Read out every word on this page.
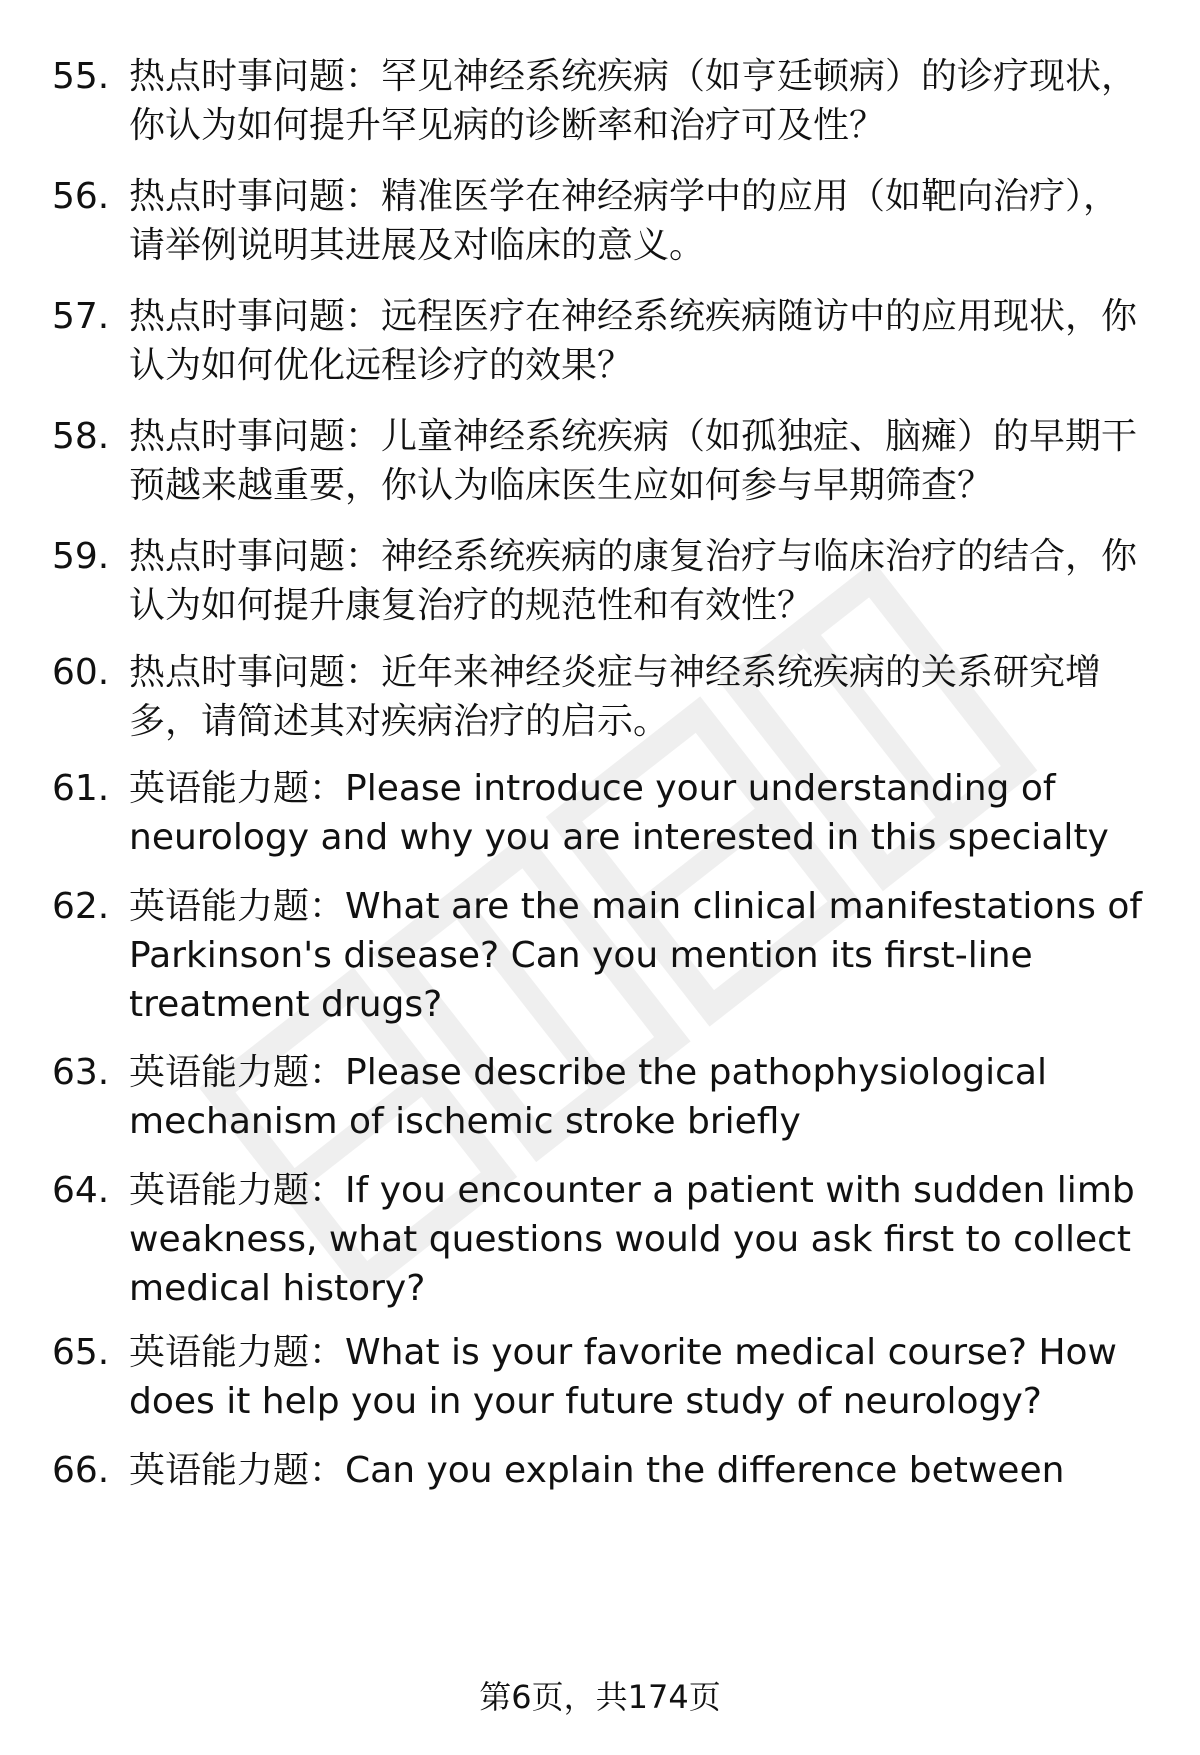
55. 热点时事问题：罕见神经系统疾病（如亨廷顿病）的诊疗现状，你认为如何提升罕见病的诊断率和治疗可及性？
56. 热点时事问题：精准医学在神经病学中的应用（如靶向治疗），请举例说明其进展及对临床的意义。
57. 热点时事问题：远程医疗在神经系统疾病随访中的应用现状，你认为如何优化远程诊疗的效果？
58. 热点时事问题：儿童神经系统疾病（如孤独症、脑瘫）的早期干预越来越重要，你认为临床医生应如何参与早期筛查？
59. 热点时事问题：神经系统疾病的康复治疗与临床治疗的结合，你认为如何提升康复治疗的规范性和有效性？
60. 热点时事问题：近年来神经炎症与神经系统疾病的关系研究增多，请简述其对疾病治疗的启示。
61. 英语能力题：Please introduce your understanding of neurology and why you are interested in this specialty
62. 英语能力题：What are the main clinical manifestations of Parkinson's disease? Can you mention its first-line treatment drugs?
63. 英语能力题：Please describe the pathophysiological mechanism of ischemic stroke briefly
64. 英语能力题：If you encounter a patient with sudden limb weakness, what questions would you ask first to collect medical history?
65. 英语能力题：What is your favorite medical course? How does it help you in your future study of neurology?
66. 英语能力题：Can you explain the difference between
第6页，共174页
